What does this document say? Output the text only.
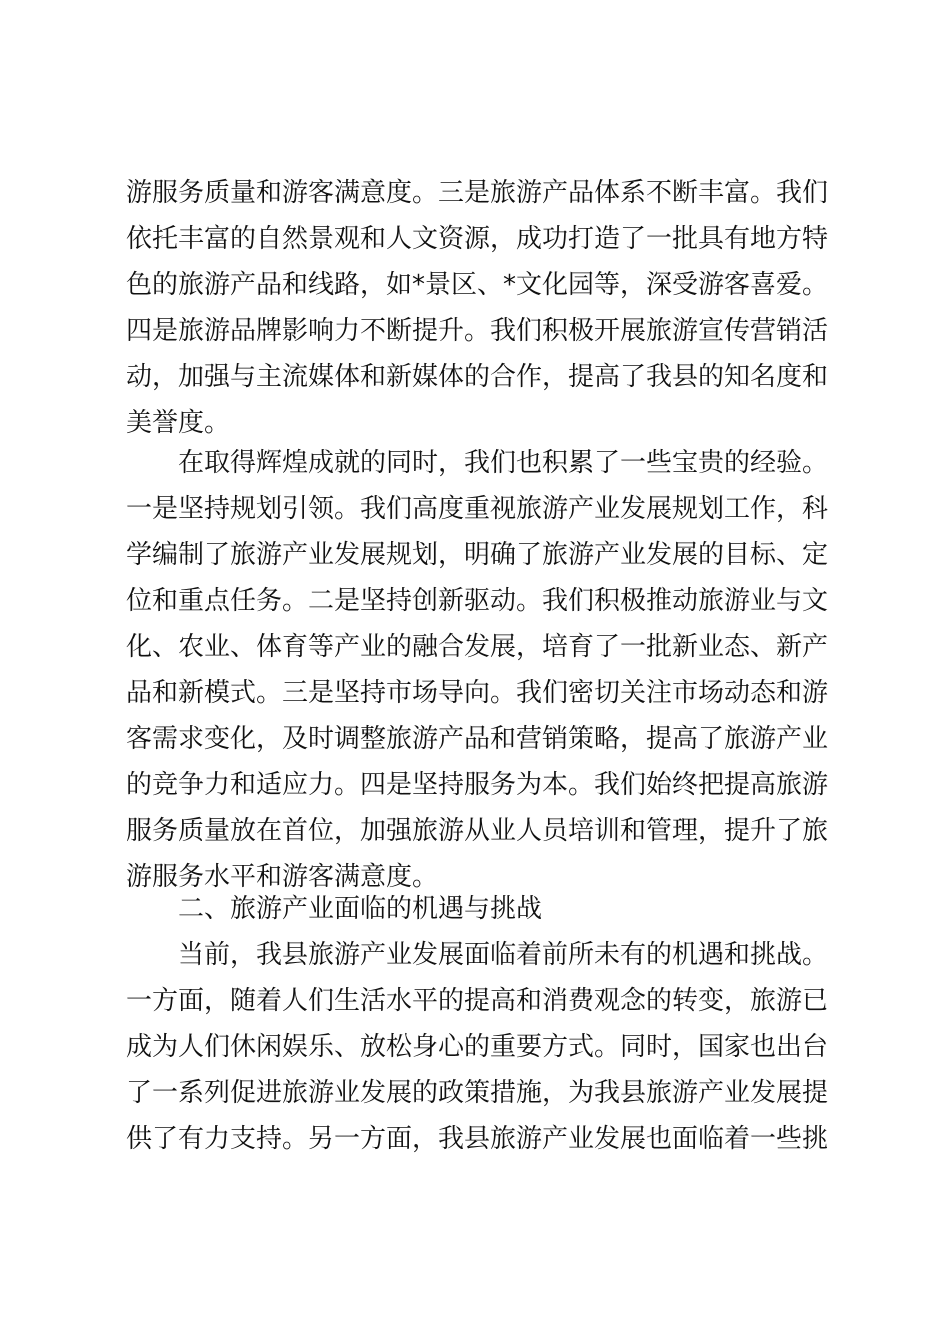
游服务质量和游客满意度。三是旅游产品体系不断丰富。我们
依托丰富的自然景观和人文资源，成功打造了一批具有地方特
色的旅游产品和线路，如*景区、*文化园等，深受游客喜爱。
四是旅游品牌影响力不断提升。我们积极开展旅游宣传营销活
动，加强与主流媒体和新媒体的合作，提高了我县的知名度和
美誉度。
在取得辉煌成就的同时，我们也积累了一些宝贵的经验。
一是坚持规划引领。我们高度重视旅游产业发展规划工作，科
学编制了旅游产业发展规划，明确了旅游产业发展的目标、定
位和重点任务。二是坚持创新驱动。我们积极推动旅游业与文
化、农业、体育等产业的融合发展，培育了一批新业态、新产
品和新模式。三是坚持市场导向。我们密切关注市场动态和游
客需求变化，及时调整旅游产品和营销策略，提高了旅游产业
的竞争力和适应力。四是坚持服务为本。我们始终把提高旅游
服务质量放在首位，加强旅游从业人员培训和管理，提升了旅
游服务水平和游客满意度。
二、旅游产业面临的机遇与挑战
当前，我县旅游产业发展面临着前所未有的机遇和挑战。
一方面，随着人们生活水平的提高和消费观念的转变，旅游已
成为人们休闲娱乐、放松身心的重要方式。同时，国家也出台
了一系列促进旅游业发展的政策措施，为我县旅游产业发展提
供了有力支持。另一方面，我县旅游产业发展也面临着一些挑
